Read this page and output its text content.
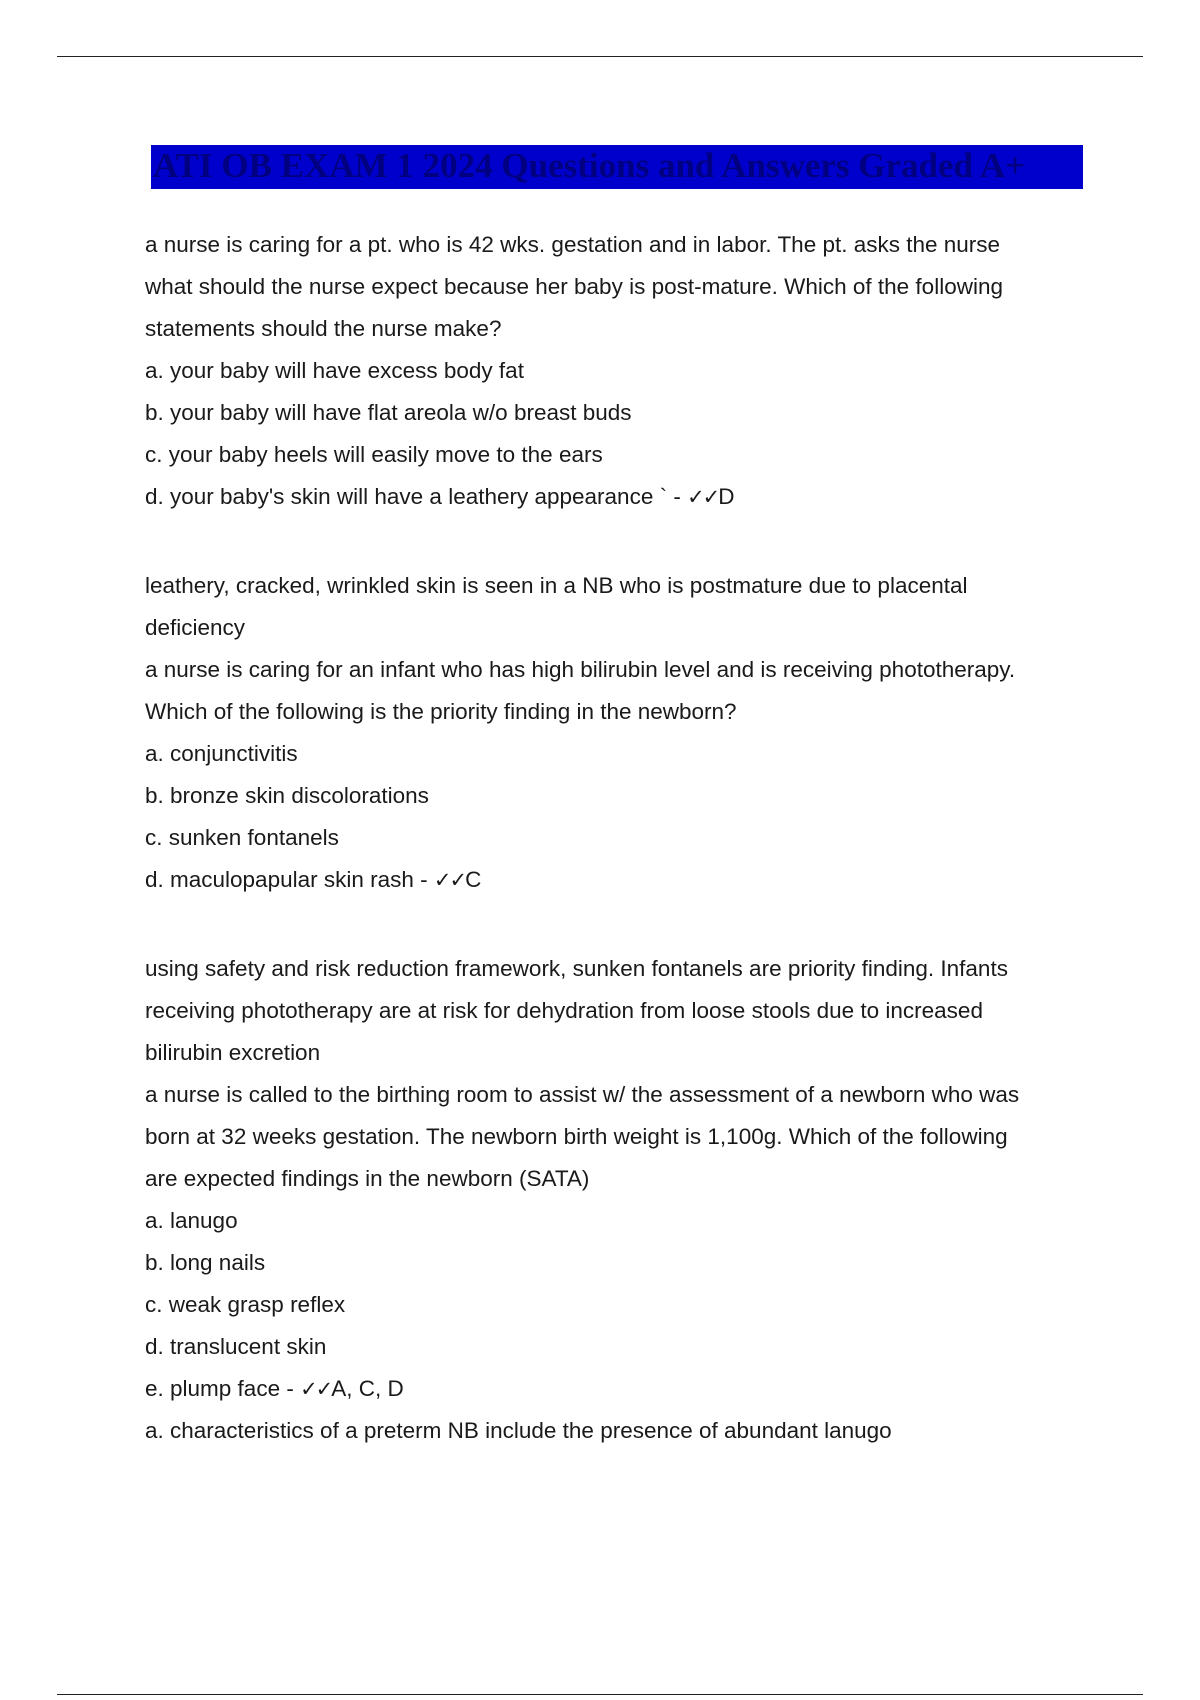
ATI OB EXAM 1 2024 Questions and Answers Graded A+
a nurse is caring for a pt. who is 42 wks. gestation and in labor. The pt. asks the nurse
what should the nurse expect because her baby is post-mature. Which of the following
statements should the nurse make?
a. your baby will have excess body fat
b. your baby will have flat areola w/o breast buds
c. your baby heels will easily move to the ears
d. your baby's skin will have a leathery appearance ` - ✓✓D
leathery, cracked, wrinkled skin is seen in a NB who is postmature due to placental
deficiency
a nurse is caring for an infant who has high bilirubin level and is receiving phototherapy.
Which of the following is the priority finding in the newborn?
a. conjunctivitis
b. bronze skin discolorations
c. sunken fontanels
d. maculopapular skin rash - ✓✓C
using safety and risk reduction framework, sunken fontanels are priority finding. Infants
receiving phototherapy are at risk for dehydration from loose stools due to increased
bilirubin excretion
a nurse is called to the birthing room to assist w/ the assessment of a newborn who was
born at 32 weeks gestation. The newborn birth weight is 1,100g. Which of the following
are expected findings in the newborn (SATA)
a. lanugo
b. long nails
c. weak grasp reflex
d. translucent skin
e. plump face - ✓✓A, C, D
a. characteristics of a preterm NB include the presence of abundant lanugo
